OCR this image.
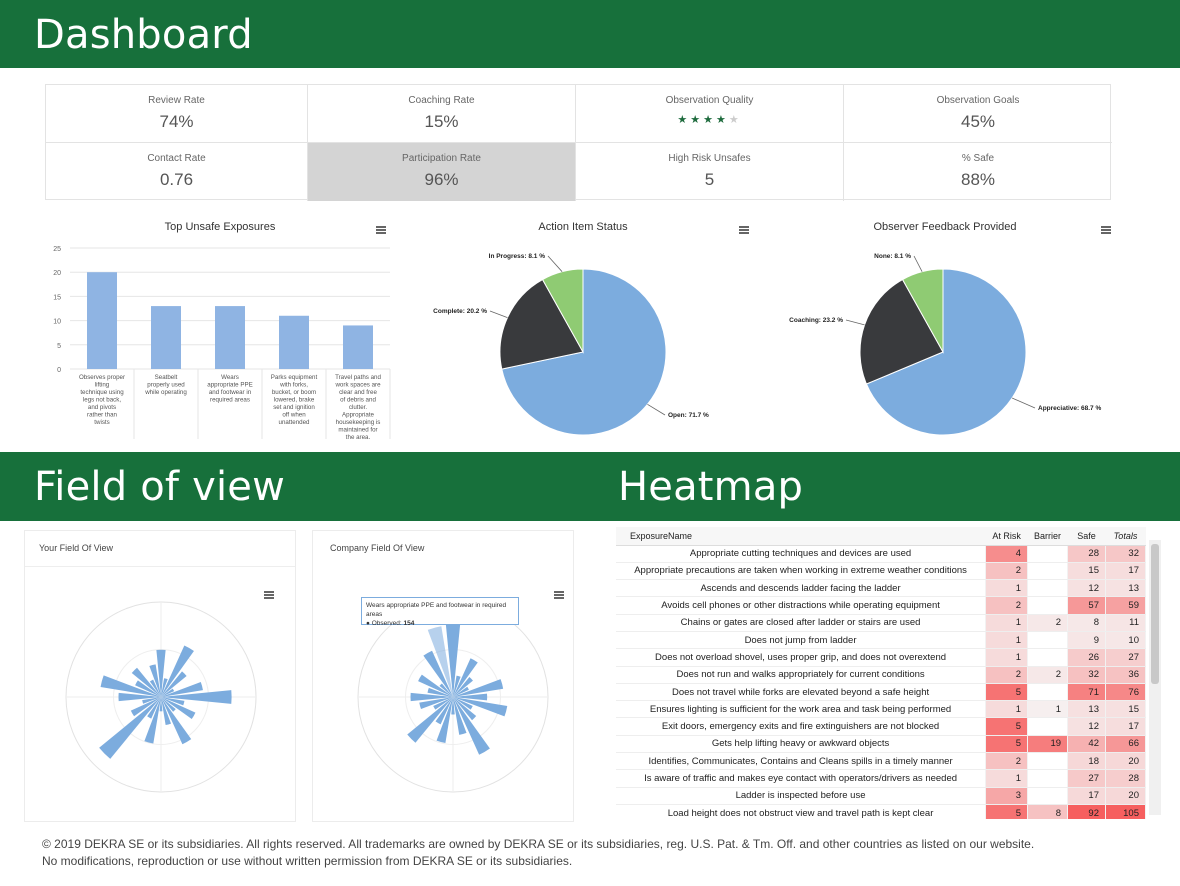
Dashboard
Field of view	Heatmap
Review Rate
74%
Coaching Rate
15%
Observation Quality
★★★★★
Observation Goals
45%
Contact Rate
0.76
Participation Rate
96%
High Risk Unsafes
5
% Safe
88%
Top Unsafe Exposures	Action Item Status	Observer Feedback Provided
25
20
15
10
5
0
Observes proper lifting technique using legs not back, and pivots rather than twists
Seatbelt properly used while operating
Wears appropriate PPE and footwear in required areas
Parks equipment with forks, bucket, or boom lowered, brake set and ignition off when unattended
Travel paths and work spaces are clear and free of debris and clutter. Appropriate housekeeping is maintained for the area.
Open: 71.7 %
Complete: 20.2 %
In Progress: 8.1 %
Appreciative: 68.7 %
Coaching: 23.2 %
None: 8.1 %
Your Field Of View	Company Field Of View
Wears appropriate PPE and footwear in required areas
● Observed: 154
ExposureName	At Risk	Barrier	Safe	Totals
Appropriate cutting techniques and devices are used	4		28	32
Appropriate precautions are taken when working in extreme weather conditions	2		15	17
Ascends and descends ladder facing the ladder	1		12	13
Avoids cell phones or other distractions while operating equipment	2		57	59
Chains or gates are closed after ladder or stairs are used	1	2	8	11
Does not jump from ladder	1		9	10
Does not overload shovel, uses proper grip, and does not overextend	1		26	27
Does not run and walks appropriately for current conditions	2	2	32	36
Does not travel while forks are elevated beyond a safe height	5		71	76
Ensures lighting is sufficient for the work area and task being performed	1	1	13	15
Exit doors, emergency exits and fire extinguishers are not blocked	5		12	17
Gets help lifting heavy or awkward objects	5	19	42	66
Identifies, Communicates, Contains and Cleans spills in a timely manner	2		18	20
Is aware of traffic and makes eye contact with operators/drivers as needed	1		27	28
Ladder is inspected before use	3		17	20
Load height does not obstruct view and travel path is kept clear	5	8	92	105
© 2019 DEKRA SE or its subsidiaries. All rights reserved. All trademarks are owned by DEKRA SE or its subsidiaries, reg. U.S. Pat. & Tm. Off. and other countries as listed on our website.
No modifications, reproduction or use without written permission from DEKRA SE or its subsidiaries.
